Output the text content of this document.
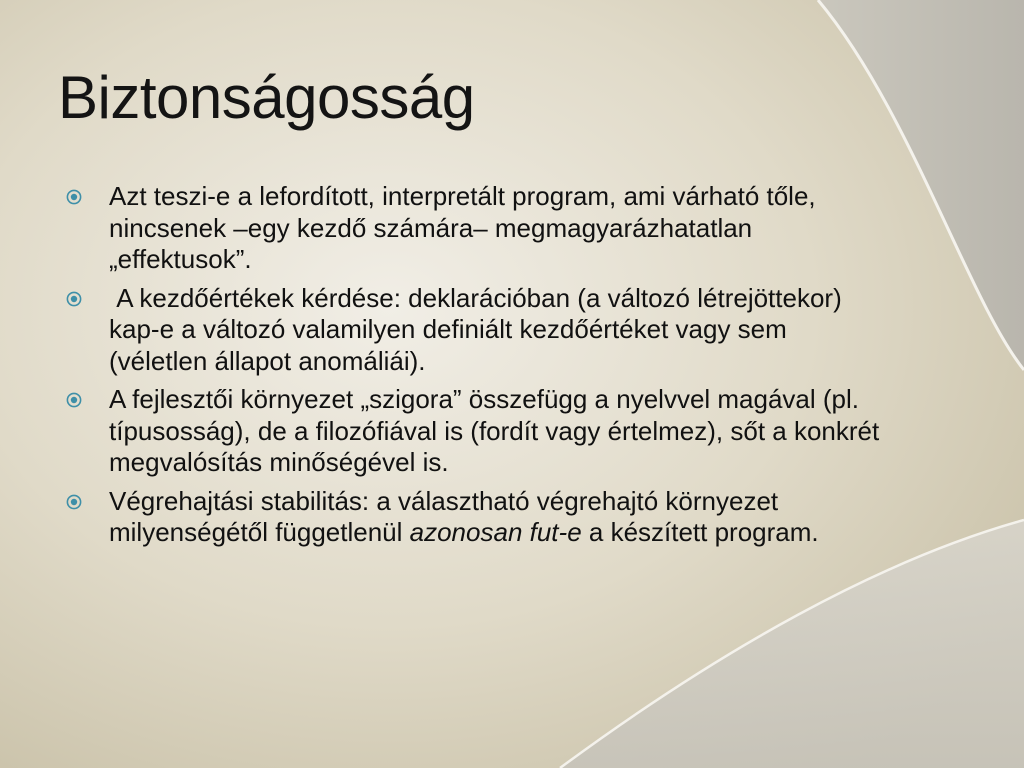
Biztonságosság
Azt teszi-e a lefordított, interpretált program, ami várható tőle, nincsenek –egy kezdő számára– megmagyarázhatatlan „effektusok”.
A kezdőértékek kérdése: deklarációban (a változó létrejöttekor) kap-e a változó valamilyen definiált kezdőértéket vagy sem (véletlen állapot anomáliái).
A fejlesztői környezet „szigora” összefügg a nyelvvel magával (pl. típusosság), de a filozófiával is (fordít vagy értelmez), sőt a konkrét megvalósítás minőségével is.
Végrehajtási stabilitás: a választható végrehajtó környezet milyenségétől függetlenül azonosan fut-e a készített program.
